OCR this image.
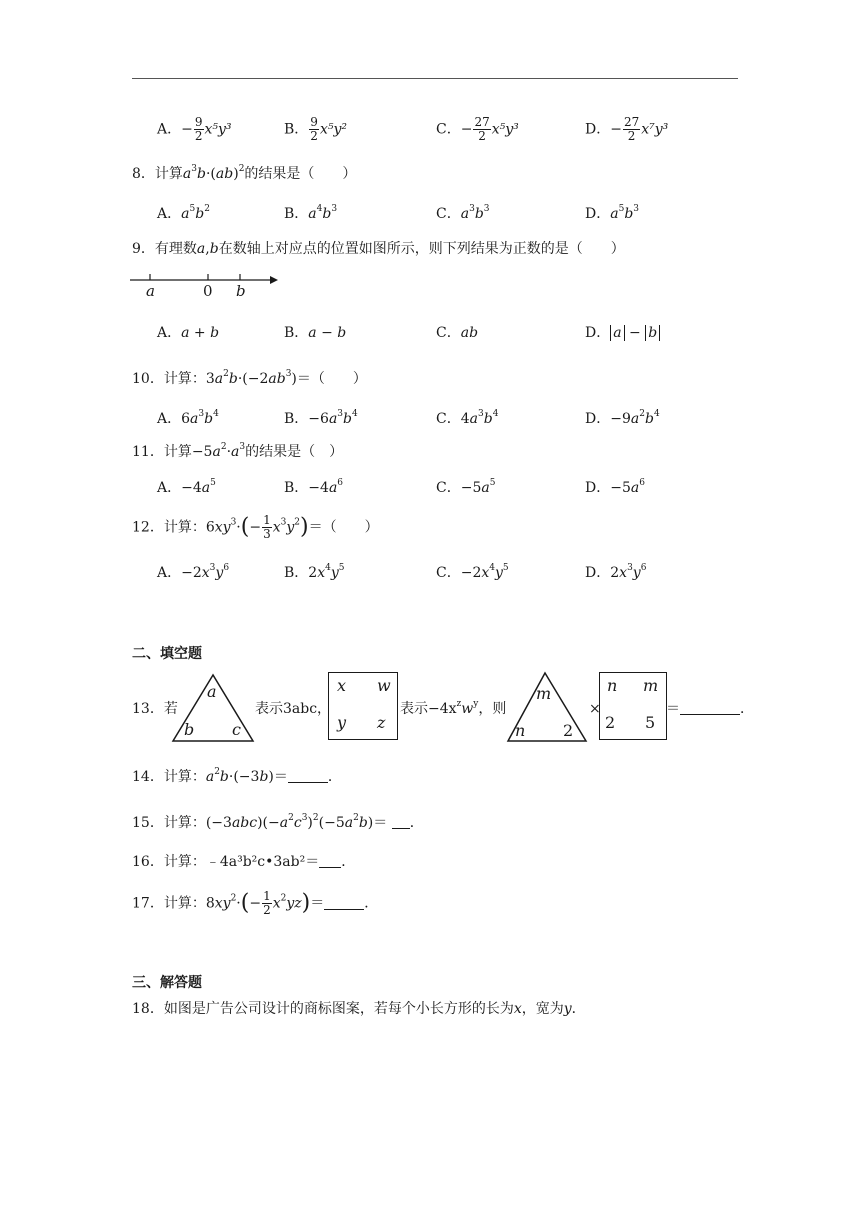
A．− $\frac{9}{2} x^5y^3$	B． $\frac{9}{2} x^5y^2$	C．− $\frac{27}{2} x^5y^3$	D．− $\frac{27}{2} x^7y^3$
8．计算$a^3b\cdot(ab)^2$的结果是（　　）
A．$a^5b^2$	B．$a^4b^3$	C．$a^3b^3$	D．$a^5b^3$
9．有理数a,b在数轴上对应点的位置如图所示，则下列结果为正数的是（　　）
a	0 b
A．a + b	B．a − b	C．ab	D． a − b
10．计算：$3a^2b\cdot(-2ab^3)=$（　　）
A．$6a^3b^4$	B．$-6a^3b^4$	C．$4a^3b^4$	D．$-9a^2b^4$
11．计算$-5a^2\cdot a^3$的结果是（　）
A．$-4a^5$	B．$-4a^6$	C．$-5a^5$	D．$-5a^6$
12．计算：$6xy^3\cdot(- \frac{1}{3} x^3y^2)=$（　　）
A．$-2x^3y^6$	B．$2x^4y^5$	C．$-2x^4y^5$	D．$2x^3y^6$
二、填空题
13．若
a
b c
表示3abc，
x w
y z
表示$-4x^zw^y$，则
m
n 2
×
n m
2 5
＝	．
14．计算：$a^2b\cdot(-3b)=$	．
15．计算：$(-3abc)(-a^2c^3)^2(-5a^2b)=$ ．
16．计算：﹣4a³b²c•3ab²＝ ．
17．计算：$8xy^2\cdot(- \frac{1}{2} x^2yz)=$	．
三、解答题
18．如图是广告公司设计的商标图案，若每个小长方形的长为x，宽为y．
